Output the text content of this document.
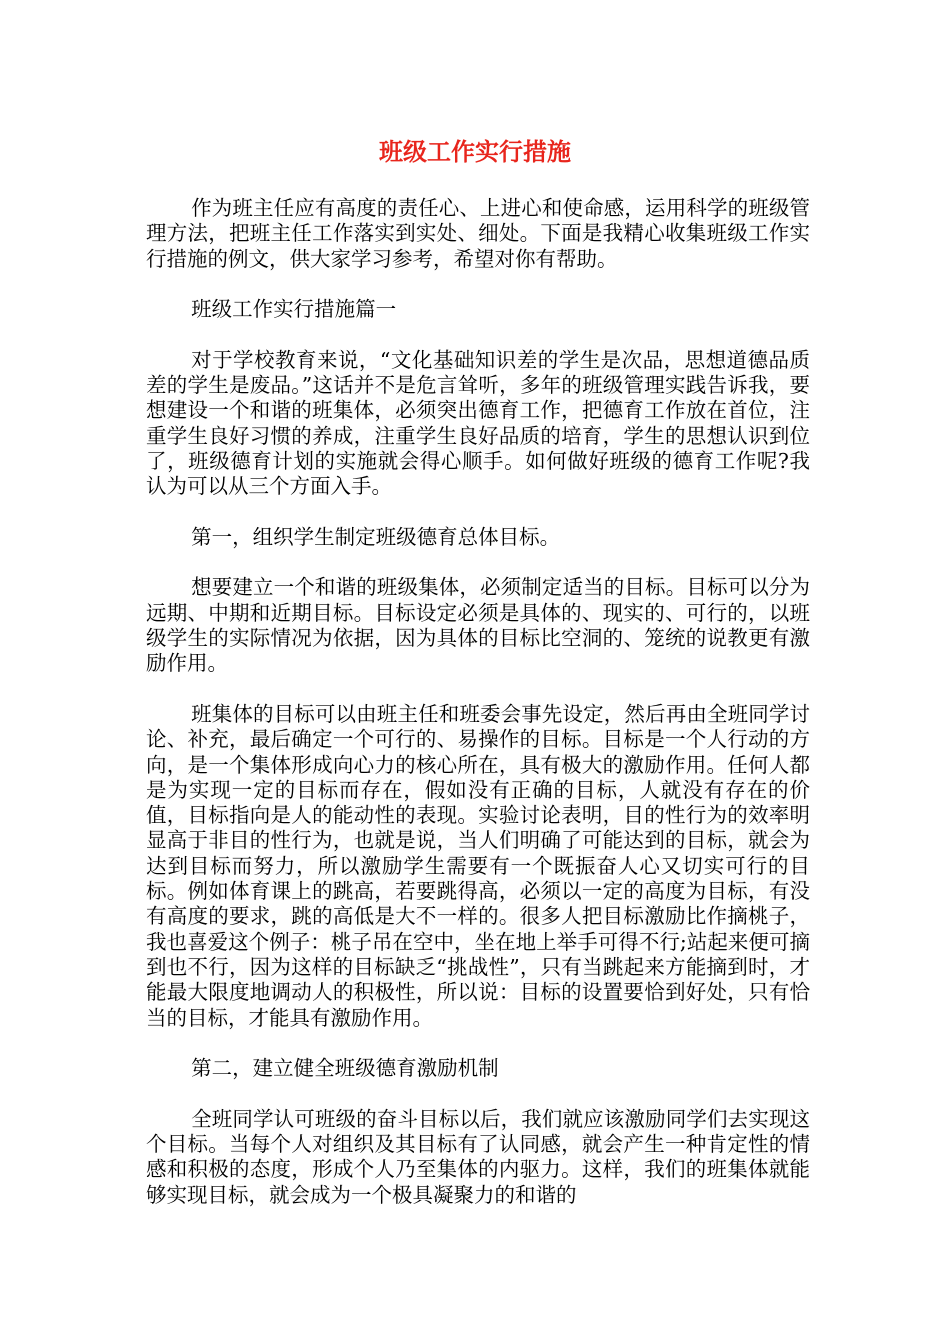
班级工作实行措施

作为班主任应有高度的责任心、上进心和使命感，运用科学的班级管理方法，把班主任工作落实到实处、细处。下面是我精心收集班级工作实行措施的例文，供大家学习参考，希望对你有帮助。

班级工作实行措施篇一

对于学校教育来说，“文化基础知识差的学生是次品，思想道德品质差的学生是废品。”这话并不是危言耸听，多年的班级管理实践告诉我，要想建设一个和谐的班集体，必须突出德育工作，把德育工作放在首位，注重学生良好习惯的养成，注重学生良好品质的培育，学生的思想认识到位了，班级德育计划的实施就会得心顺手。如何做好班级的德育工作呢?我认为可以从三个方面入手。

第一，组织学生制定班级德育总体目标。

想要建立一个和谐的班级集体，必须制定适当的目标。目标可以分为远期、中期和近期目标。目标设定必须是具体的、现实的、可行的，以班级学生的实际情况为依据，因为具体的目标比空洞的、笼统的说教更有激励作用。

班集体的目标可以由班主任和班委会事先设定，然后再由全班同学讨论、补充，最后确定一个可行的、易操作的目标。目标是一个人行动的方向，是一个集体形成向心力的核心所在，具有极大的激励作用。任何人都是为实现一定的目标而存在，假如没有正确的目标，人就没有存在的价值，目标指向是人的能动性的表现。实验讨论表明，目的性行为的效率明显高于非目的性行为，也就是说，当人们明确了可能达到的目标，就会为达到目标而努力，所以激励学生需要有一个既振奋人心又切实可行的目标。例如体育课上的跳高，若要跳得高，必须以一定的高度为目标，有没有高度的要求，跳的高低是大不一样的。很多人把目标激励比作摘桃子，我也喜爱这个例子：桃子吊在空中，坐在地上举手可得不行;站起来便可摘到也不行，因为这样的目标缺乏“挑战性”，只有当跳起来方能摘到时，才能最大限度地调动人的积极性，所以说：目标的设置要恰到好处，只有恰当的目标，才能具有激励作用。

第二，建立健全班级德育激励机制

全班同学认可班级的奋斗目标以后，我们就应该激励同学们去实现这个目标。当每个人对组织及其目标有了认同感，就会产生一种肯定性的情感和积极的态度，形成个人乃至集体的内驱力。这样，我们的班集体就能够实现目标，就会成为一个极具凝聚力的和谐的
